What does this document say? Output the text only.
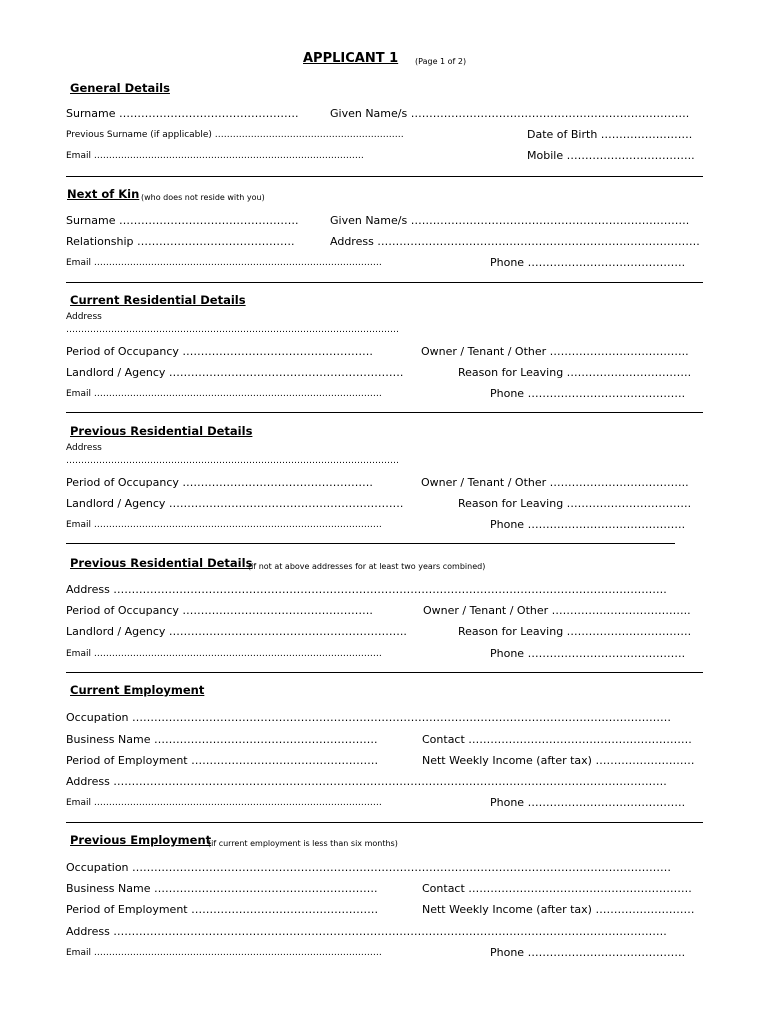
APPLICANT 1 (Page 1 of 2)
General Details
Surname ………………………………………….	Given Name/s ………………………………………………………………….
Previous Surname (if applicable) ………………………………………………………	Date of Birth …………………….
Email ………………………………………………………………………………	Mobile ……………………………..
Next of Kin (who does not reside with you)
Surname ………………………………………….	Given Name/s ………………………………………………………………….
Relationship …………………………………….	Address …………………………………………………………………………….
Email ……………………………………………………………………………………	Phone …………………………………….
Current Residential Details
Address
…………………………………………………………………………………………………
Period of Occupancy …………………………………………….	Owner / Tenant / Other ………………………………..
Landlord / Agency ……………………………………………………….	Reason for Leaving …………………………….
Email ……………………………………………………………………………………	Phone …………………………………….
Previous Residential Details
Address
…………………………………………………………………………………………………
Period of Occupancy …………………………………………….	Owner / Tenant / Other ………………………………..
Landlord / Agency ……………………………………………………….	Reason for Leaving …………………………….
Email ……………………………………………………………………………………	Phone …………………………………….
Previous Residential Details
(if not at above addresses for at least two years combined)
Address …………………………………………………………………………………………………………………………………….
Period of Occupancy …………………………………………….	Owner / Tenant / Other ………………………………..
Landlord / Agency ………………………………………………………..	Reason for Leaving …………………………….
Email ……………………………………………………………………………………	Phone …………………………………….
Current Employment
Occupation …………………………………………………………………………………………………………………………………
Business Name …………………………………………………….	Contact …………………………………………………….
Period of Employment ……………………………………………	Nett Weekly Income (after tax) ………………………
Address …………………………………………………………………………………………………………………………………….
Email ……………………………………………………………………………………	Phone …………………………………….
Previous Employment
(if current employment is less than six months)
Occupation …………………………………………………………………………………………………………………………………
Business Name …………………………………………………….	Contact …………………………………………………….
Period of Employment ……………………………………………	Nett Weekly Income (after tax) ………………………
Address …………………………………………………………………………………………………………………………………….
Email ……………………………………………………………………………………	Phone …………………………………….
